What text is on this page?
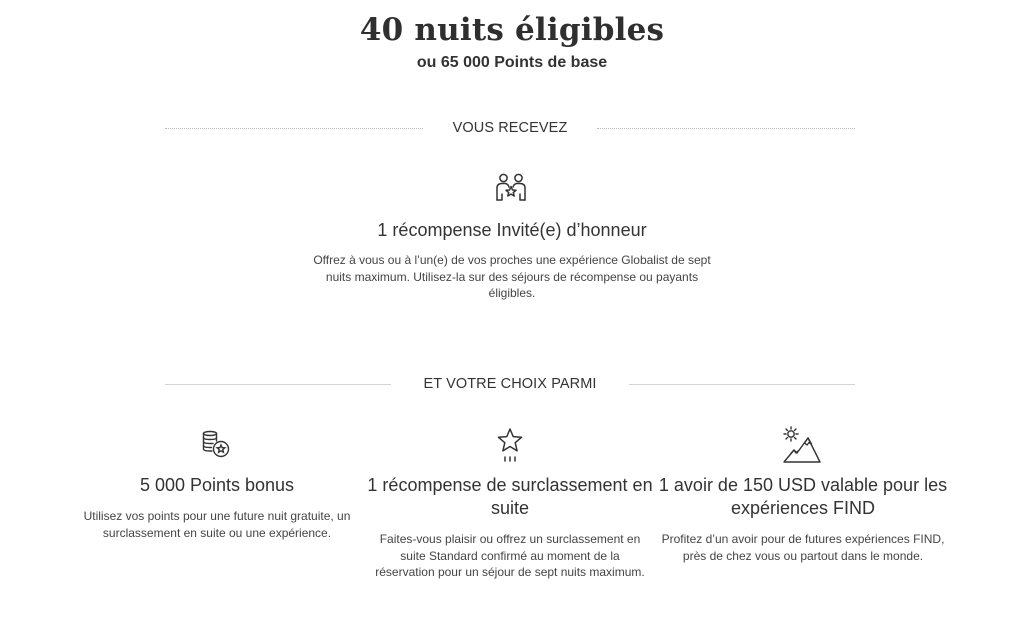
40 nuits éligibles
ou 65 000 Points de base
VOUS RECEVEZ
1 récompense Invité(e) d’honneur
Offrez à vous ou à l’un(e) de vos proches une expérience Globalist de sept nuits maximum. Utilisez-la sur des séjours de récompense ou payants éligibles.
ET VOTRE CHOIX PARMI
5 000 Points bonus
Utilisez vos points pour une future nuit gratuite, un surclassement en suite ou une expérience.
1 récompense de surclassement en suite
Faites-vous plaisir ou offrez un surclassement en suite Standard confirmé au moment de la réservation pour un séjour de sept nuits maximum.
1 avoir de 150 USD valable pour les expériences FIND
Profitez d’un avoir pour de futures expériences FIND, près de chez vous ou partout dans le monde.
